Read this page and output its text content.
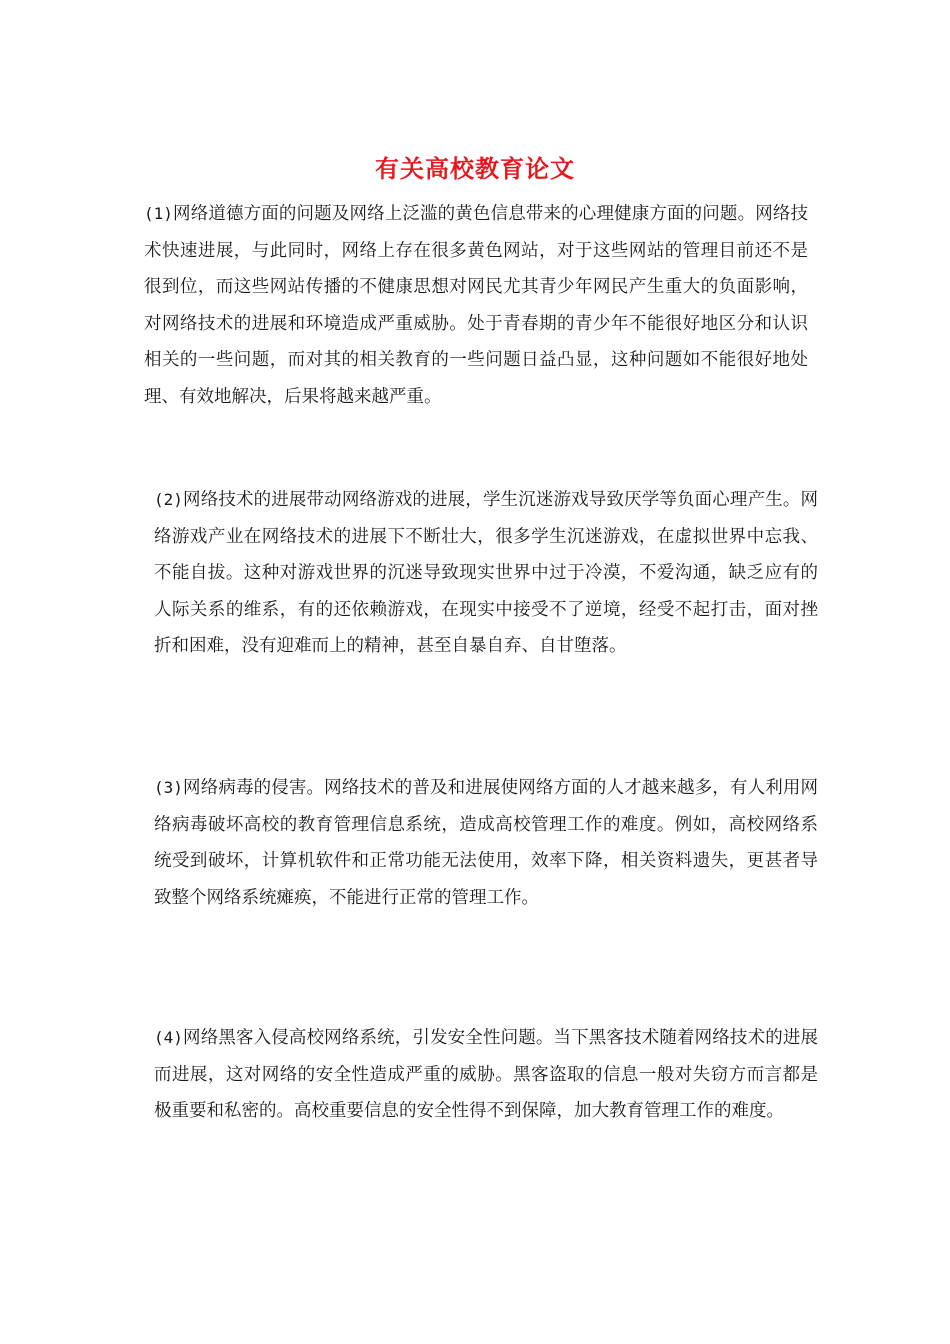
有关高校教育论文
(1)网络道德方面的问题及网络上泛滥的黄色信息带来的心理健康方面的问题。网络技术快速进展，与此同时，网络上存在很多黄色网站，对于这些网站的管理目前还不是很到位，而这些网站传播的不健康思想对网民尤其青少年网民产生重大的负面影响，对网络技术的进展和环境造成严重威胁。处于青春期的青少年不能很好地区分和认识相关的一些问题，而对其的相关教育的一些问题日益凸显，这种问题如不能很好地处理、有效地解决，后果将越来越严重。
(2)网络技术的进展带动网络游戏的进展，学生沉迷游戏导致厌学等负面心理产生。网络游戏产业在网络技术的进展下不断壮大，很多学生沉迷游戏，在虚拟世界中忘我、不能自拔。这种对游戏世界的沉迷导致现实世界中过于冷漠，不爱沟通，缺乏应有的人际关系的维系，有的还依赖游戏，在现实中接受不了逆境，经受不起打击，面对挫折和困难，没有迎难而上的精神，甚至自暴自弃、自甘堕落。
(3)网络病毒的侵害。网络技术的普及和进展使网络方面的人才越来越多，有人利用网络病毒破坏高校的教育管理信息系统，造成高校管理工作的难度。例如，高校网络系统受到破坏，计算机软件和正常功能无法使用，效率下降，相关资料遗失，更甚者导致整个网络系统瘫痪，不能进行正常的管理工作。
(4)网络黑客入侵高校网络系统，引发安全性问题。当下黑客技术随着网络技术的进展而进展，这对网络的安全性造成严重的威胁。黑客盗取的信息一般对失窃方而言都是极重要和私密的。高校重要信息的安全性得不到保障，加大教育管理工作的难度。
